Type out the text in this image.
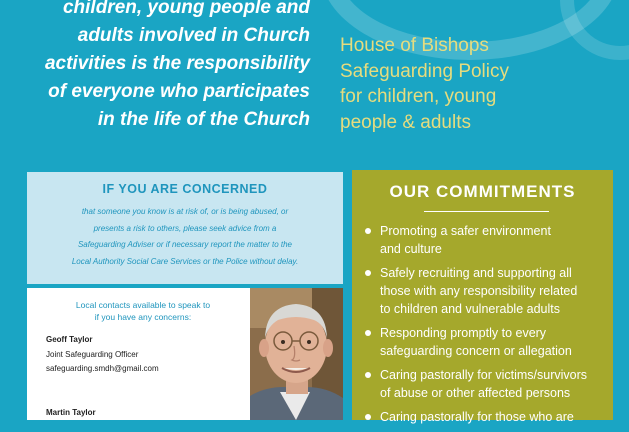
children, young people and
adults involved in Church
activities is the responsibility
of everyone who participates
in the life of the Church
House of Bishops
Safeguarding Policy
for children, young
people & adults
IF YOU ARE CONCERNED
that someone you know is at risk of, or is being abused, or
presents a risk to others, please seek advice from a
Safeguarding Adviser or if necessary report the matter to the
Local Authority Social Care Services or the Police without delay.
Local contacts available to speak to
if you have any concerns:
Geoff Taylor
Joint Safeguarding Officer
safeguarding.smdh@gmail.com
Martin Taylor
OUR COMMITMENTS
Promoting a safer environment
and culture
Safely recruiting and supporting all
those with any responsibility related
to children and vulnerable adults
Responding promptly to every
safeguarding concern or allegation
Caring pastorally for victims/survivors
of abuse or other affected persons
Caring pastorally for those who are
